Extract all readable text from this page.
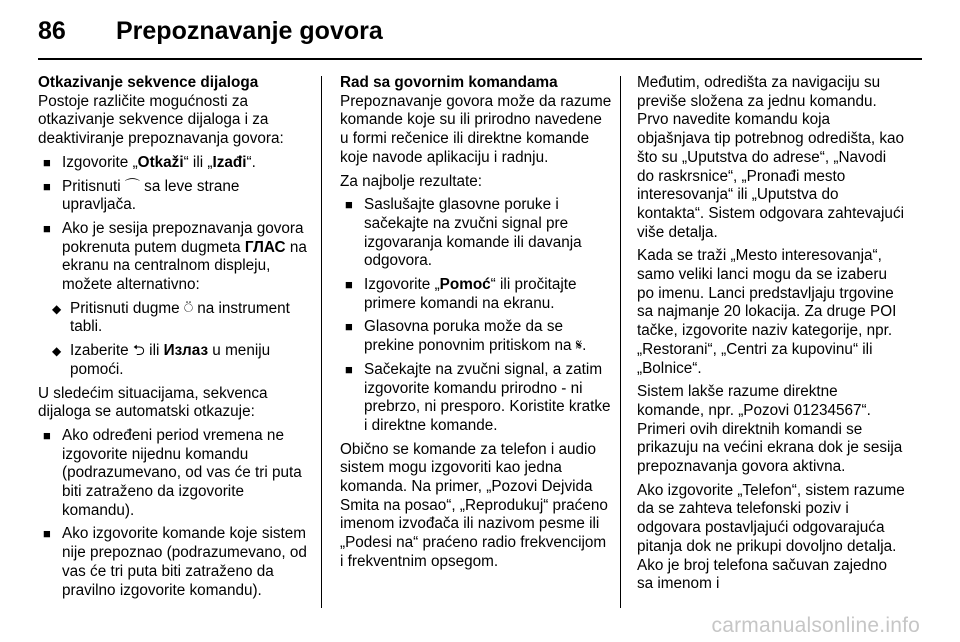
86	Prepoznavanje govora

Otkazivanje sekvence dijaloga

Postoje različite mogućnosti za otkazivanje sekvence dijaloga i za deaktiviranje prepoznavanja govora:

■ Izgovorite „Otkaži“ ili „Izađi“.
■ Pritisnuti ⌒ sa leve strane upravljača.
■ Ako je sesija prepoznavanja govora pokrenuta putem dugmeta ГЛАС na ekranu na centralnom displeju, možete alternativno:
◆ Pritisnuti dugme ⍥ na instrument tabli.
◆ Izaberite ⮌ ili Излаз u meniju pomoći.

U sledećim situacijama, sekvenca dijaloga se automatski otkazuje:

■ Ako određeni period vremena ne izgovorite nijednu komandu (podrazumevano, od vas će tri puta biti zatraženo da izgovorite komandu).
■ Ako izgovorite komande koje sistem nije prepoznao (podrazumevano, od vas će tri puta biti zatraženo da pravilno izgovorite komandu).

Rad sa govornim komandama

Prepoznavanje govora može da razume komande koje su ili prirodno navedene u formi rečenice ili direktne komande koje navode aplikaciju i radnju.

Za najbolje rezultate:

■ Saslušajte glasovne poruke i sačekajte na zvučni signal pre izgovaranja komande ili davanja odgovora.
■ Izgovorite „Pomoć“ ili pročitajte primere komandi na ekranu.
■ Glasovna poruka može da se prekine ponovnim pritiskom na 𝄋.
■ Sačekajte na zvučni signal, a zatim izgovorite komandu prirodno - ni prebrzo, ni presporo. Koristite kratke i direktne komande.

Obično se komande za telefon i audio sistem mogu izgovoriti kao jedna komanda. Na primer, „Pozovi Dejvida Smita na posao“, „Reprodukuj“ praćeno imenom izvođača ili nazivom pesme ili „Podesi na“ praćeno radio frekvencijom i frekventnim opsegom.

Međutim, odredišta za navigaciju su previše složena za jednu komandu. Prvo navedite komandu koja objašnjava tip potrebnog odredišta, kao što su „Uputstva do adrese“, „Navodi do raskrsnice“, „Pronađi mesto interesovanja“ ili „Uputstva do kontakta“. Sistem odgovara zahtevajući više detalja.

Kada se traži „Mesto interesovanja“, samo veliki lanci mogu da se izaberu po imenu. Lanci predstavljaju trgovine sa najmanje 20 lokacija. Za druge POI tačke, izgovorite naziv kategorije, npr. „Restorani“, „Centri za kupovinu“ ili „Bolnice“.

Sistem lakše razume direktne komande, npr. „Pozovi 01234567“. Primeri ovih direktnih komandi se prikazuju na većini ekrana dok je sesija prepoznavanja govora aktivna.

Ako izgovorite „Telefon“, sistem razume da se zahteva telefonski poziv i odgovara postavljajući odgovarajuća pitanja dok ne prikupi dovoljno detalja. Ako je broj telefona sačuvan zajedno sa imenom i

carmanualsonline.info
